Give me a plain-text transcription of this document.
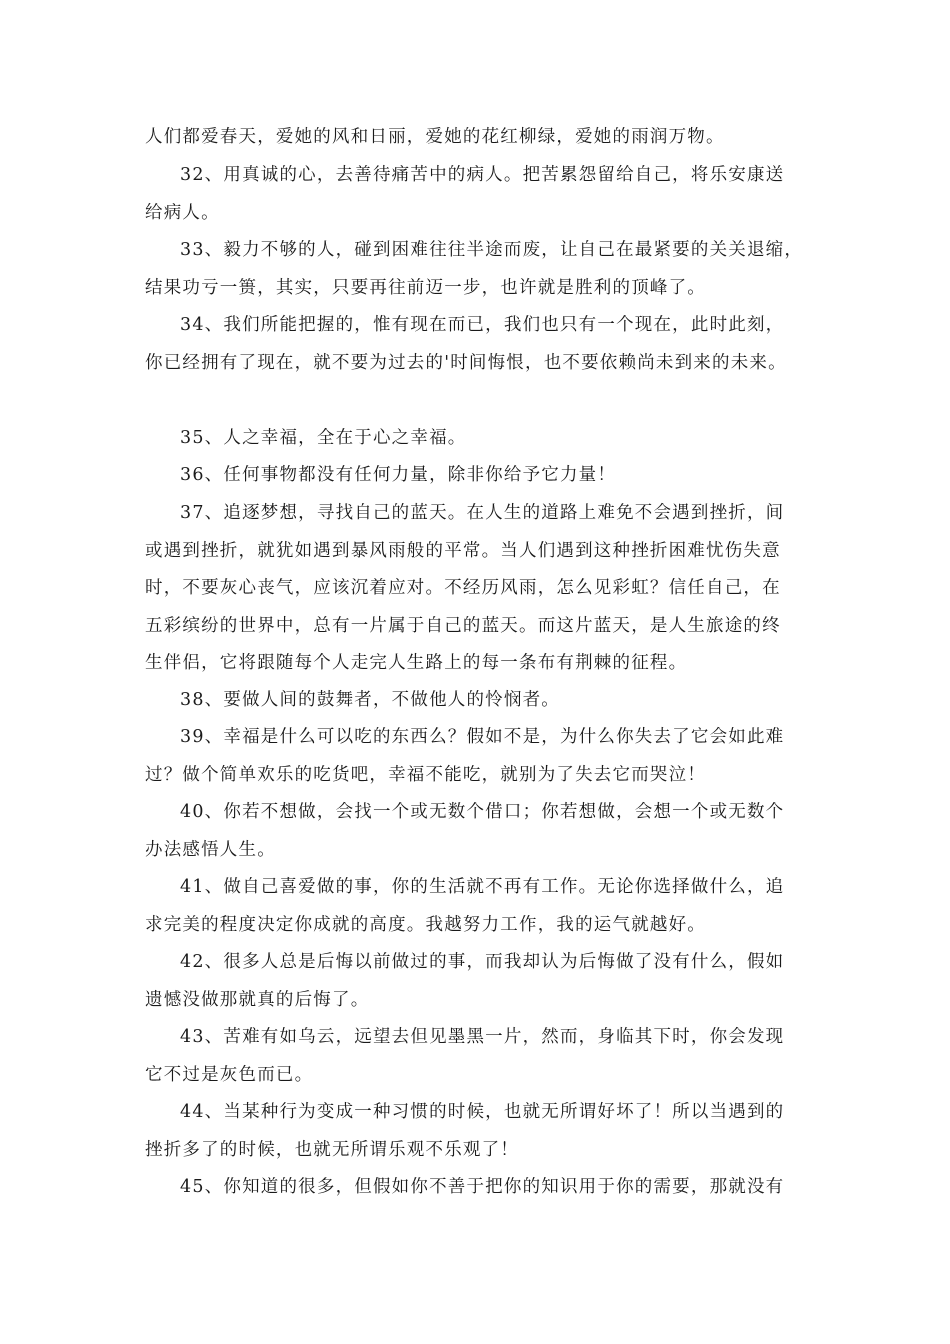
人们都爱春天，爱她的风和日丽，爱她的花红柳绿，爱她的雨润万物。
32、用真诚的心，去善待痛苦中的病人。把苦累怨留给自己，将乐安康送
给病人。
33、毅力不够的人，碰到困难往往半途而废，让自己在最紧要的关关退缩，
结果功亏一篑，其实，只要再往前迈一步，也许就是胜利的顶峰了。
34、我们所能把握的，惟有现在而已，我们也只有一个现在，此时此刻，
你已经拥有了现在，就不要为过去的'时间悔恨，也不要依赖尚未到来的未来。
35、人之幸福，全在于心之幸福。
36、任何事物都没有任何力量，除非你给予它力量！
37、追逐梦想，寻找自己的蓝天。在人生的道路上难免不会遇到挫折，间
或遇到挫折，就犹如遇到暴风雨般的平常。当人们遇到这种挫折困难忧伤失意
时，不要灰心丧气，应该沉着应对。不经历风雨，怎么见彩虹？信任自己，在
五彩缤纷的世界中，总有一片属于自己的蓝天。而这片蓝天，是人生旅途的终
生伴侣，它将跟随每个人走完人生路上的每一条布有荆棘的征程。
38、要做人间的鼓舞者，不做他人的怜悯者。
39、幸福是什么可以吃的东西么？假如不是，为什么你失去了它会如此难
过？做个简单欢乐的吃货吧，幸福不能吃，就别为了失去它而哭泣！
40、你若不想做，会找一个或无数个借口；你若想做，会想一个或无数个
办法感悟人生。
41、做自己喜爱做的事，你的生活就不再有工作。无论你选择做什么，追
求完美的程度决定你成就的高度。我越努力工作，我的运气就越好。
42、很多人总是后悔以前做过的事，而我却认为后悔做了没有什么，假如
遗憾没做那就真的后悔了。
43、苦难有如乌云，远望去但见墨黑一片，然而，身临其下时，你会发现
它不过是灰色而已。
44、当某种行为变成一种习惯的时候，也就无所谓好坏了！所以当遇到的
挫折多了的时候，也就无所谓乐观不乐观了！
45、你知道的很多，但假如你不善于把你的知识用于你的需要，那就没有
